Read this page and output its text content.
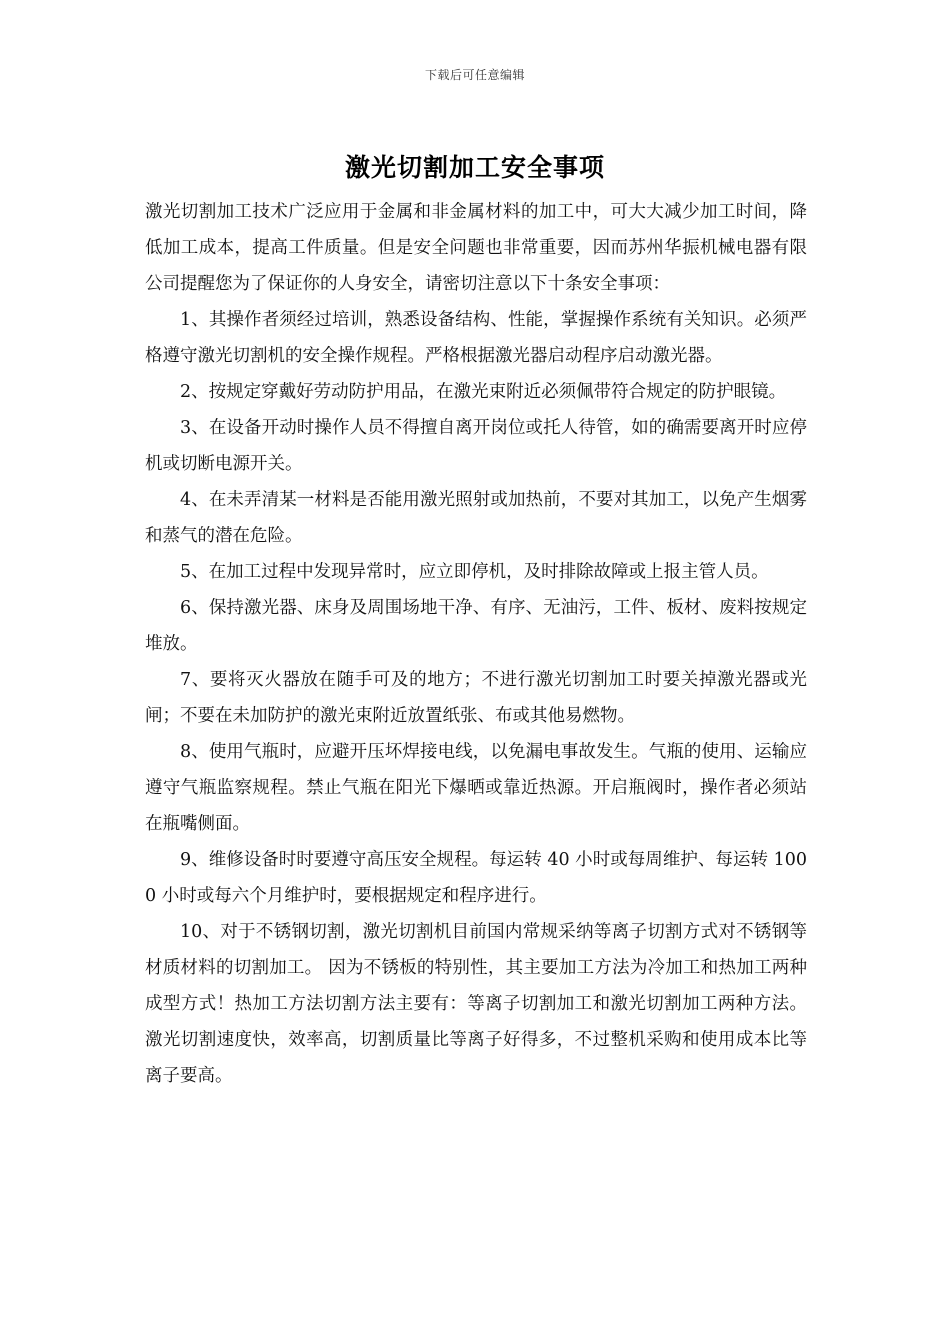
下载后可任意编辑
激光切割加工安全事项

激光切割加工技术广泛应用于金属和非金属材料的加工中，可大大减少加工时间，降低加工成本，提高工件质量。但是安全问题也非常重要，因而苏州华振机械电器有限公司提醒您为了保证你的人身安全，请密切注意以下十条安全事项：

1、其操作者须经过培训，熟悉设备结构、性能，掌握操作系统有关知识。必须严格遵守激光切割机的安全操作规程。严格根据激光器启动程序启动激光器。

2、按规定穿戴好劳动防护用品，在激光束附近必须佩带符合规定的防护眼镜。

3、在设备开动时操作人员不得擅自离开岗位或托人待管，如的确需要离开时应停机或切断电源开关。

4、在未弄清某一材料是否能用激光照射或加热前，不要对其加工，以免产生烟雾和蒸气的潜在危险。

5、在加工过程中发现异常时，应立即停机，及时排除故障或上报主管人员。

6、保持激光器、床身及周围场地干净、有序、无油污，工件、板材、废料按规定堆放。

7、要将灭火器放在随手可及的地方；不进行激光切割加工时要关掉激光器或光闸；不要在未加防护的激光束附近放置纸张、布或其他易燃物。

8、使用气瓶时，应避开压坏焊接电线，以免漏电事故发生。气瓶的使用、运输应遵守气瓶监察规程。禁止气瓶在阳光下爆晒或靠近热源。开启瓶阀时，操作者必须站在瓶嘴侧面。

9、维修设备时时要遵守高压安全规程。每运转 40 小时或每周维护、每运转 1000 小时或每六个月维护时，要根据规定和程序进行。

10、对于不锈钢切割，激光切割机目前国内常规采纳等离子切割方式对不锈钢等材质材料的切割加工。 因为不锈板的特别性，其主要加工方法为冷加工和热加工两种成型方式！热加工方法切割方法主要有：等离子切割加工和激光切割加工两种方法。激光切割速度快，效率高，切割质量比等离子好得多，不过整机采购和使用成本比等离子要高。
